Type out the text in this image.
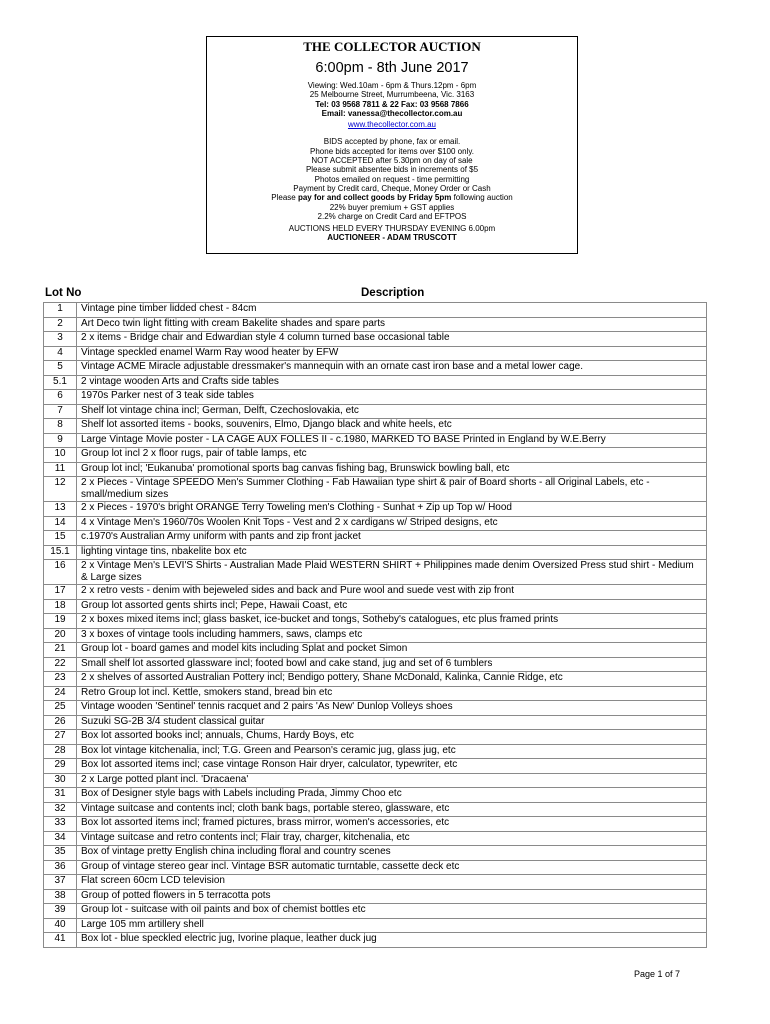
THE COLLECTOR AUCTION
6:00pm - 8th June 2017
Viewing: Wed.10am - 6pm & Thurs.12pm - 6pm
25 Melbourne Street, Murrumbeena, Vic. 3163
Tel: 03 9568 7811 & 22 Fax: 03 9568 7866
Email: vanessa@thecollector.com.au
www.thecollector.com.au
BIDS accepted by phone, fax or email.
Phone bids accepted for items over $100 only.
NOT ACCEPTED after 5.30pm on day of sale
Please submit absentee bids in increments of $5
Photos emailed on request - time permitting
Payment by Credit card, Cheque, Money Order or Cash
Please pay for and collect goods by Friday 5pm following auction
22% buyer premium + GST applies
2.2% charge on Credit Card and EFTPOS
AUCTIONS HELD EVERY THURSDAY EVENING 6.00pm
AUCTIONEER - ADAM TRUSCOTT
Lot No	Description
1	Vintage pine timber lidded chest - 84cm
2	Art Deco twin light fitting with cream Bakelite shades and spare parts
3	2 x items - Bridge chair and Edwardian style 4 column turned base occasional table
4	Vintage speckled enamel Warm Ray wood heater by EFW
5	Vintage ACME Miracle adjustable dressmaker's mannequin with an ornate cast iron base and a metal lower cage.
5.1	2 vintage wooden Arts and Crafts side tables
6	1970s Parker nest of 3 teak side tables
7	Shelf lot vintage china incl; German, Delft, Czechoslovakia, etc
8	Shelf lot assorted items - books, souvenirs, Elmo, Django black and white heels, etc
9	Large Vintage Movie poster - LA CAGE AUX FOLLES II - c.1980, MARKED TO BASE Printed in England by W.E.Berry
10	Group lot incl 2 x floor rugs, pair of table lamps, etc
11	Group lot incl; 'Eukanuba' promotional sports bag canvas fishing bag, Brunswick bowling ball, etc
12	2 x Pieces - Vintage SPEEDO Men's Summer Clothing - Fab Hawaiian type shirt & pair of Board shorts - all Original Labels, etc - small/medium sizes
13	2 x Pieces - 1970's bright ORANGE Terry Toweling men's Clothing - Sunhat + Zip up Top w/ Hood
14	4 x Vintage Men's 1960/70s Woolen Knit Tops - Vest and 2 x cardigans w/ Striped designs, etc
15	c.1970's Australian Army uniform with pants and zip front jacket
15.1	lighting vintage tins, nbakelite box etc
16	2 x Vintage Men's LEVI'S Shirts - Australian Made Plaid WESTERN SHIRT + Philippines made denim Oversized Press stud shirt - Medium & Large sizes
17	2 x retro vests - denim with bejeweled sides and back and Pure wool and suede vest with zip front
18	Group lot assorted gents shirts incl; Pepe, Hawaii Coast, etc
19	2 x boxes mixed items incl; glass basket, ice-bucket and tongs, Sotheby's catalogues, etc plus framed prints
20	3 x boxes of vintage tools including hammers, saws, clamps etc
21	Group lot - board games and model kits including Splat and pocket Simon
22	Small shelf lot assorted glassware incl; footed bowl and cake stand, jug and set of 6 tumblers
23	2 x shelves of assorted Australian Pottery incl; Bendigo pottery, Shane McDonald, Kalinka, Cannie Ridge, etc
24	Retro Group lot incl. Kettle, smokers stand, bread bin etc
25	Vintage wooden 'Sentinel' tennis racquet and 2 pairs 'As New' Dunlop Volleys shoes
26	Suzuki SG-2B 3/4 student classical guitar
27	Box lot assorted books incl; annuals, Chums, Hardy Boys, etc
28	Box lot vintage kitchenalia, incl; T.G. Green and Pearson's ceramic jug, glass jug, etc
29	Box lot assorted items incl; case vintage Ronson Hair dryer, calculator, typewriter, etc
30	2 x Large potted plant incl. 'Dracaena'
31	Box of Designer style bags with Labels including Prada, Jimmy Choo etc
32	Vintage suitcase and contents incl; cloth bank bags, portable stereo, glassware, etc
33	Box lot assorted items incl; framed pictures, brass mirror, women's accessories, etc
34	Vintage suitcase and retro contents incl; Flair tray, charger, kitchenalia, etc
35	Box of vintage pretty English china including floral and country scenes
36	Group of vintage stereo gear incl. Vintage BSR automatic turntable, cassette deck etc
37	Flat screen 60cm LCD television
38	Group of potted flowers in 5 terracotta pots
39	Group lot - suitcase with oil paints and box of chemist bottles etc
40	Large 105 mm artillery shell
41	Box lot - blue speckled electric jug, Ivorine plaque, leather duck jug
Page 1 of 7
